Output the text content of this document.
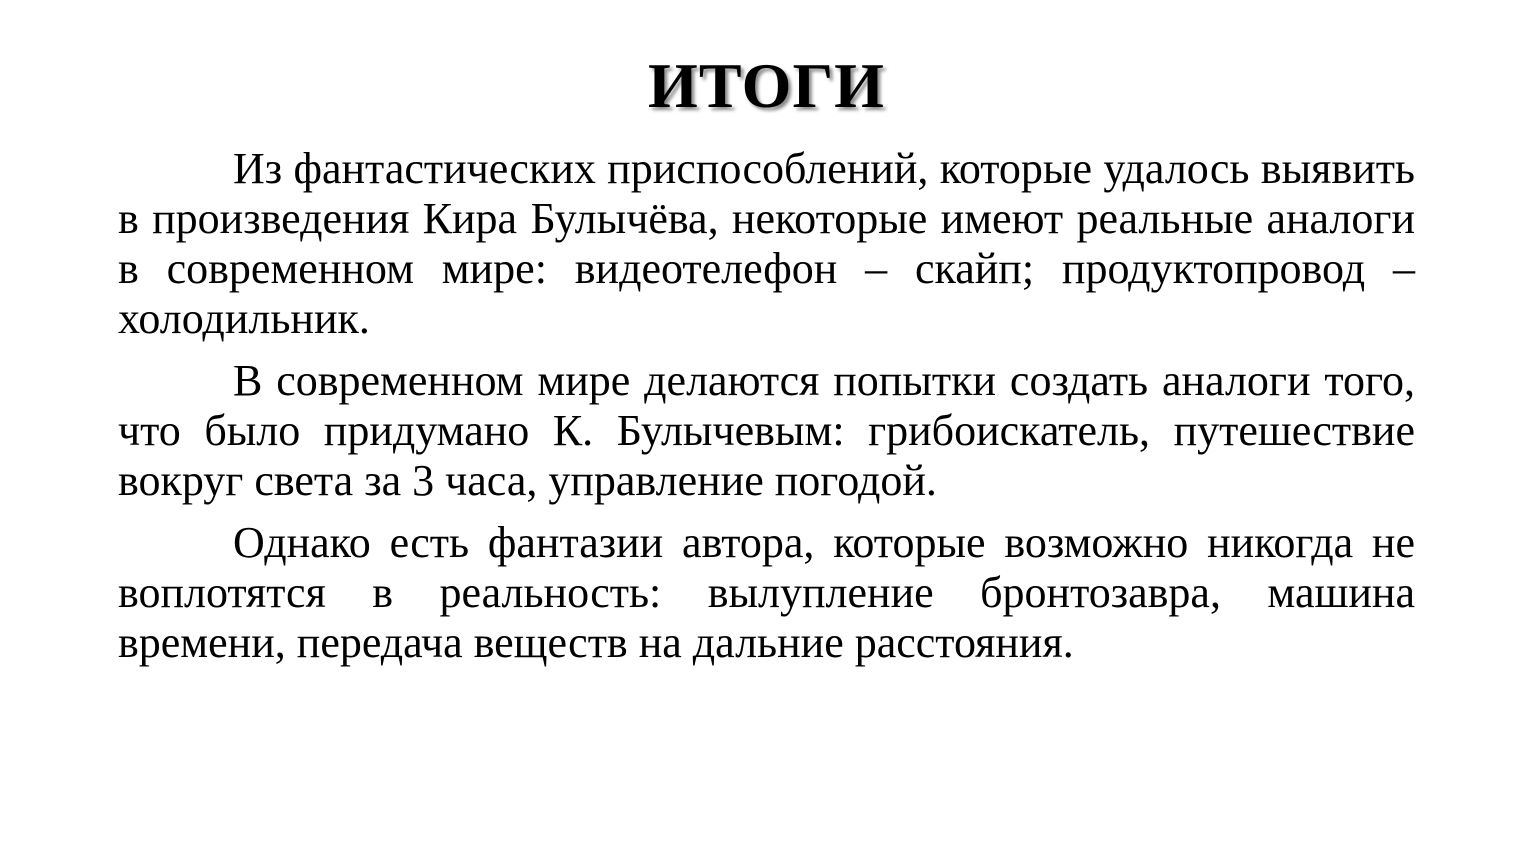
ИТОГИ

Из фантастических приспособлений, которые удалось выявить в произведения Кира Булычёва, некоторые имеют реальные аналоги в современном мире: видеотелефон – скайп; продуктопровод – холодильник.

В современном мире делаются попытки создать аналоги того, что было придумано К. Булычевым: грибоискатель, путешествие вокруг света за 3 часа, управление погодой.

Однако есть фантазии автора, которые возможно никогда не воплотятся в реальность: вылупление бронтозавра, машина времени, передача веществ на дальние расстояния.
